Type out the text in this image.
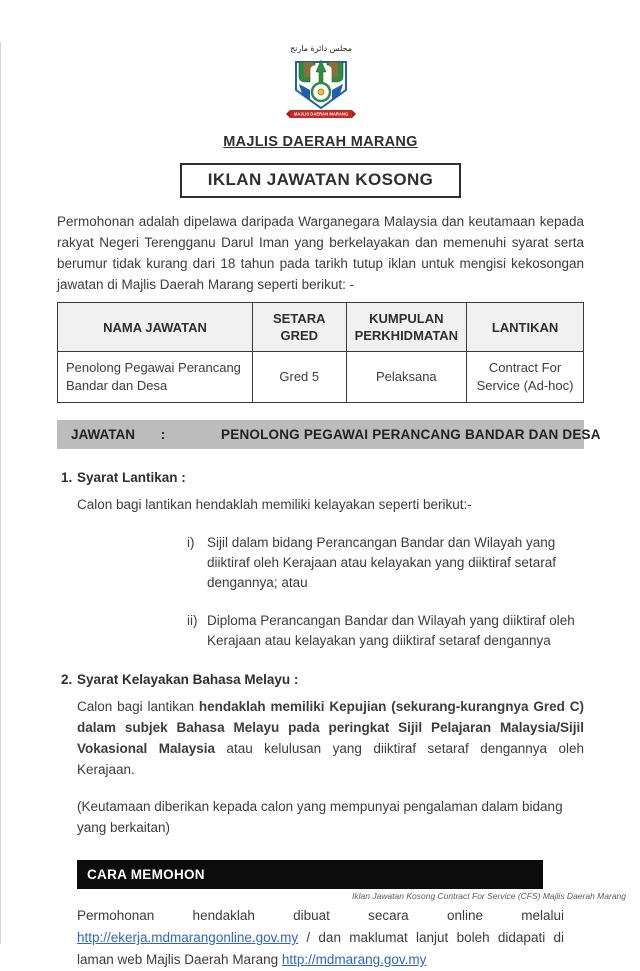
مجلس دائرة مارنج
MAJLIS DAERAH MARANG
MAJLIS DAERAH MARANG
IKLAN JAWATAN KOSONG

Permohonan adalah dipelawa daripada Warganegara Malaysia dan keutamaan kepada rakyat Negeri Terengganu Darul Iman yang berkelayakan dan memenuhi syarat serta berumur tidak kurang dari 18 tahun pada tarikh tutup iklan untuk mengisi kekosongan jawatan di Majlis Daerah Marang seperti berikut: -

NAMA JAWATAN	SETARA GRED	KUMPULAN PERKHIDMATAN	LANTIKAN
Penolong Pegawai Perancang Bandar dan Desa	Gred 5	Pelaksana	Contract For Service (Ad-hoc)
JAWATAN :	PENOLONG PEGAWAI PERANCANG BANDAR DAN DESA
1. Syarat Lantikan :

Calon bagi lantikan hendaklah memiliki kelayakan seperti berikut:-

i) Sijil dalam bidang Perancangan Bandar dan Wilayah yang diiktiraf oleh Kerajaan atau kelayakan yang diiktiraf setaraf dengannya; atau
ii) Diploma Perancangan Bandar dan Wilayah yang diiktiraf oleh Kerajaan atau kelayakan yang diiktiraf setaraf dengannya
2. Syarat Kelayakan Bahasa Melayu :

Calon bagi lantikan hendaklah memiliki Kepujian (sekurang-kurangnya Gred C) dalam subjek Bahasa Melayu pada peringkat Sijil Pelajaran Malaysia/Sijil Vokasional Malaysia atau kelulusan yang diiktiraf setaraf dengannya oleh Kerajaan.

(Keutamaan diberikan kepada calon yang mempunyai pengalaman dalam bidang yang berkaitan)

CARA MEMOHON

Permohonan hendaklah dibuat secara online melalui http://ekerja.mdmarangonline.gov.my / dan maklumat lanjut boleh didapati di laman web Majlis Daerah Marang http://mdmarang.gov.my

Iklan Jawatan Kosong Contract For Service (CFS) Majlis Daerah Marang
